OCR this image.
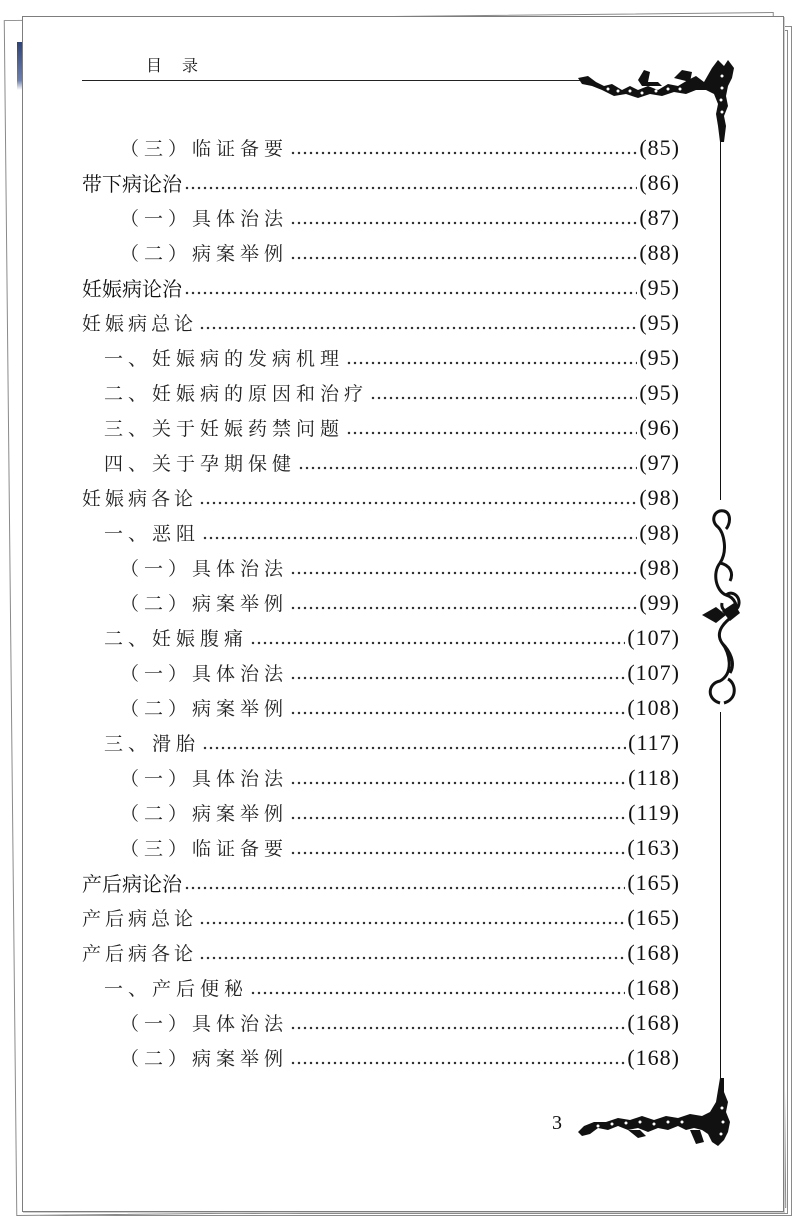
目录
（三）临证备要	(85)
带下病论治	(86)
（一）具体治法	(87)
（二）病案举例	(88)
妊娠病论治	(95)
妊娠病总论	(95)
一、妊娠病的发病机理	(95)
二、妊娠病的原因和治疗	(95)
三、关于妊娠药禁问题	(96)
四、关于孕期保健	(97)
妊娠病各论	(98)
一、恶阻	(98)
（一）具体治法	(98)
（二）病案举例	(99)
二、妊娠腹痛	(107)
（一）具体治法	(107)
（二）病案举例	(108)
三、滑胎	(117)
（一）具体治法	(118)
（二）病案举例	(119)
（三）临证备要	(163)
产后病论治	(165)
产后病总论	(165)
产后病各论	(168)
一、产后便秘	(168)
（一）具体治法	(168)
（二）病案举例	(168)
3
